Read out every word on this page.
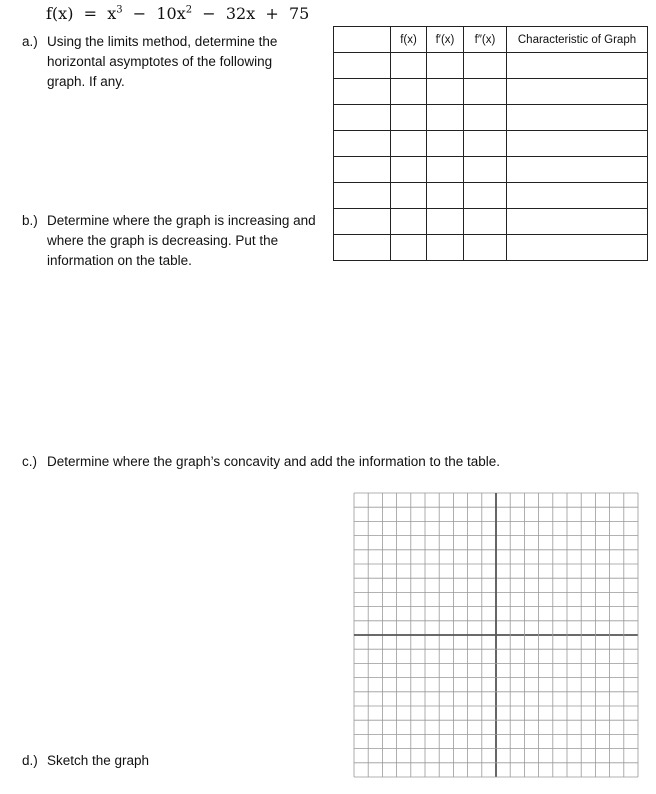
$f(x) = x^3 - 10x^2 - 32x + 75$
a.) Using the limits method, determine the horizontal asymptotes of the following graph. If any.
b.) Determine where the graph is increasing and where the graph is decreasing. Put the information on the table.
c.) Determine where the graph’s concavity and add the information to the table.
d.) Sketch the graph
	f(x)	f′(x)	f″(x)	Characteristic of Graph
